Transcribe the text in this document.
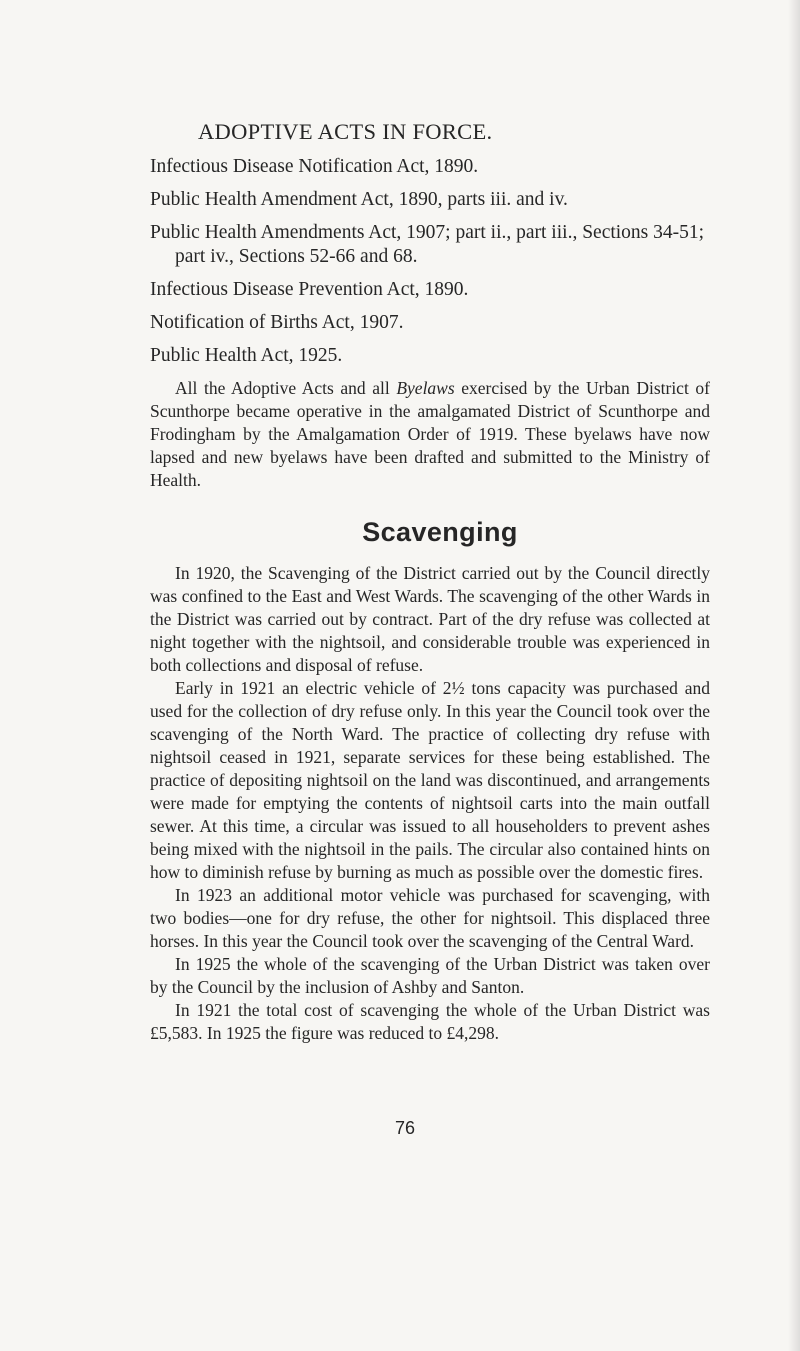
ADOPTIVE ACTS IN FORCE.
Infectious Disease Notification Act, 1890.
Public Health Amendment Act, 1890, parts iii. and iv.
Public Health Amendments Act, 1907; part ii., part iii., Sections 34-51; part iv., Sections 52-66 and 68.
Infectious Disease Prevention Act, 1890.
Notification of Births Act, 1907.
Public Health Act, 1925.

All the Adoptive Acts and all Byelaws exercised by the Urban District of Scunthorpe became operative in the amalgamated District of Scunthorpe and Frodingham by the Amalgamation Order of 1919. These byelaws have now lapsed and new byelaws have been drafted and submitted to the Ministry of Health.

Scavenging

In 1920, the Scavenging of the District carried out by the Council directly was confined to the East and West Wards. The scavenging of the other Wards in the District was carried out by contract. Part of the dry refuse was collected at night together with the nightsoil, and considerable trouble was experienced in both collections and disposal of refuse.

Early in 1921 an electric vehicle of 2½ tons capacity was purchased and used for the collection of dry refuse only. In this year the Council took over the scavenging of the North Ward. The practice of collecting dry refuse with nightsoil ceased in 1921, separate services for these being established. The practice of depositing nightsoil on the land was discontinued, and arrangements were made for emptying the contents of nightsoil carts into the main outfall sewer. At this time, a circular was issued to all householders to prevent ashes being mixed with the nightsoil in the pails. The circular also contained hints on how to diminish refuse by burning as much as possible over the domestic fires.

In 1923 an additional motor vehicle was purchased for scavenging, with two bodies—one for dry refuse, the other for nightsoil. This displaced three horses. In this year the Council took over the scavenging of the Central Ward.

In 1925 the whole of the scavenging of the Urban District was taken over by the Council by the inclusion of Ashby and Santon.

In 1921 the total cost of scavenging the whole of the Urban District was £5,583. In 1925 the figure was reduced to £4,298.

76
